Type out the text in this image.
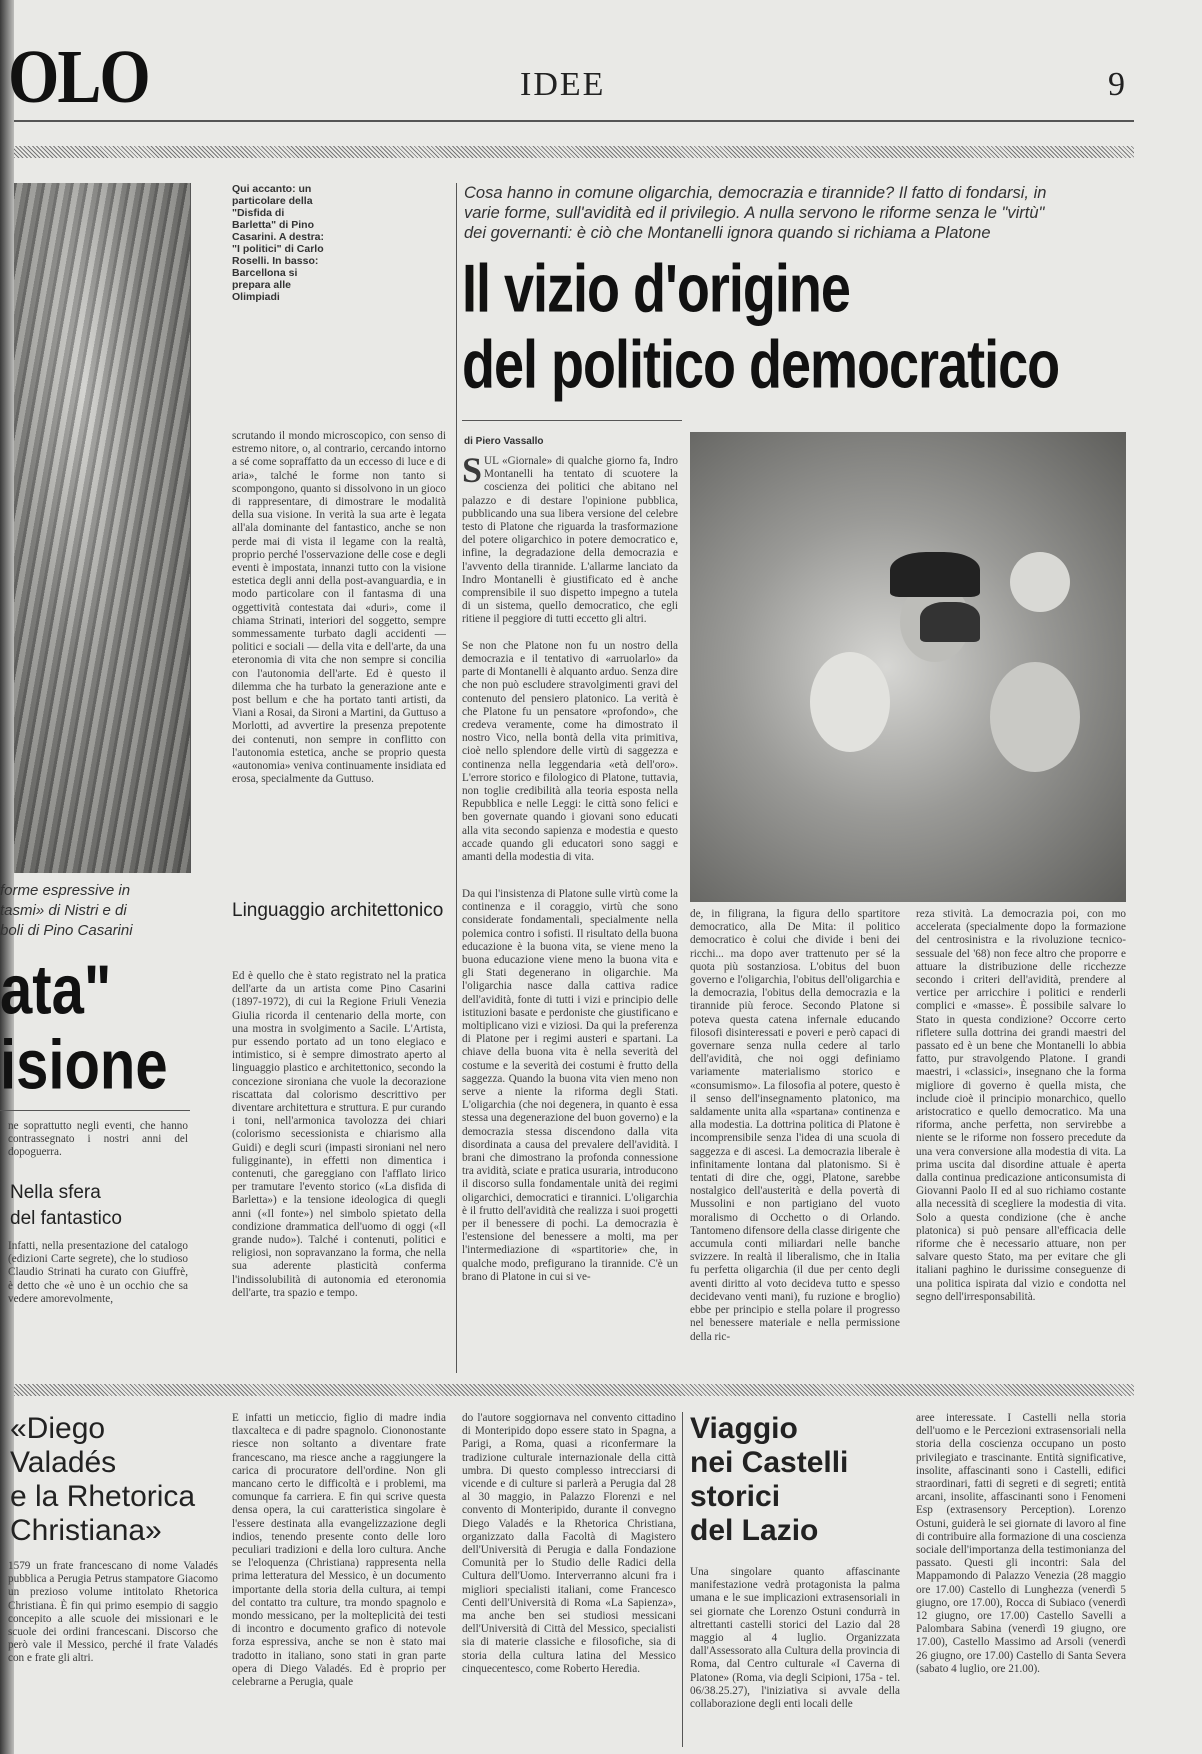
OLO	IDEE	9
Qui accanto: un particolare della "Disfida di Barletta" di Pino Casarini. A destra: "I politici" di Carlo Roselli. In basso: Barcellona si prepara alle Olimpiadi
Cosa hanno in comune oligarchia, democrazia e tirannide? Il fatto di fondarsi, in varie forme, sull'avidità ed il privilegio. A nulla servono le riforme senza le "virtù" dei governanti: è ciò che Montanelli ignora quando si richiama a Platone
Il vizio d'origine
del politico democratico
di Piero Vassallo
scrutando il mondo microscopico, con senso di estremo nitore, o, al contrario, cercando intorno a sé come sopraffatto da un eccesso di luce e di aria», talché le forme non tanto si scompongono, quanto si dissolvono in un gioco di rappresentare, di dimostrare le modalità della sua visione. In verità la sua arte è legata all'ala dominante del fantastico, anche se non perde mai di vista il legame con la realtà, proprio perché l'osservazione delle cose e degli eventi è impostata, innanzi tutto con la visione estetica degli anni della post-avanguardia, e in modo particolare con il fantasma di una oggettività contestata dai «duri», come il chiama Strinati, interiori del soggetto, sempre sommessamente turbato dagli accidenti — politici e sociali — della vita e dell'arte, da una eteronomia di vita che non sempre si concilia con l'autonomia dell'arte. Ed è questo il dilemma che ha turbato la generazione ante e post bellum e che ha portato tanti artisti, da Viani a Rosai, da Sironi a Martini, da Guttuso a Morlotti, ad avvertire la presenza prepotente dei contenuti, non sempre in conflitto con l'autonomia estetica, anche se proprio questa «autonomia» veniva continuamente insidiata ed erosa, specialmente da Guttuso.
Linguaggio architettonico
Ed è quello che è stato registrato nel la pratica dell'arte da un artista come Pino Casarini (1897-1972), di cui la Regione Friuli Venezia Giulia ricorda il centenario della morte, con una mostra in svolgimento a Sacile. L'Artista, pur essendo portato ad un tono elegiaco e intimistico, si è sempre dimostrato aperto al linguaggio plastico e architettonico, secondo la concezione sironiana che vuole la decorazione riscattata dal colorismo descrittivo per diventare architettura e struttura. E pur curando i toni, nell'armonica tavolozza dei chiari (colorismo secessionista e chiarismo alla Guidi) e degli scuri (impasti sironiani nel nero fuligginante), in effetti non dimentica i contenuti, che gareggiano con l'afflato lirico per tramutare l'evento storico («La disfida di Barletta») e la tensione ideologica di quegli anni («Il fonte») nel simbolo spietato della condizione drammatica dell'uomo di oggi («Il grande nudo»). Talché i contenuti, politici e religiosi, non sopravanzano la forma, che nella sua aderente plasticità conferma l'indissolubilità di autonomia ed eteronomia dell'arte, tra spazio e tempo.
SUL «Giornale» di qualche giorno fa, Indro Montanelli ha tentato di scuotere la coscienza dei politici che abitano nel palazzo e di destare l'opinione pubblica, pubblicando una sua libera versione del celebre testo di Platone che riguarda la trasformazione del potere oligarchico in potere democratico e, infine, la degradazione della democrazia e l'avvento della tirannide. L'allarme lanciato da Indro Montanelli è giustificato ed è anche comprensibile il suo dispetto impegno a tutela di un sistema, quello democratico, che egli ritiene il peggiore di tutti eccetto gli altri.

Se non che Platone non fu un nostro della democrazia e il tentativo di «arruolarlo» da parte di Montanelli è alquanto arduo. Senza dire che non può escludere stravolgimenti gravi del contenuto del pensiero platonico. La verità è che Platone fu un pensatore «profondo», che credeva veramente, come ha dimostrato il nostro Vico, nella bontà della vita primitiva, cioè nello splendore delle virtù di saggezza e continenza nella leggendaria «età dell'oro». L'errore storico e filologico di Platone, tuttavia, non toglie credibilità alla teoria esposta nella Repubblica e nelle Leggi: le città sono felici e ben governate quando i giovani sono educati alla vita secondo sapienza e modestia e questo accade quando gli educatori sono saggi e amanti della modestia di vita.
Da qui l'insistenza di Platone sulle virtù come la continenza e il coraggio, virtù che sono considerate fondamentali, specialmente nella polemica contro i sofisti. Il risultato della buona educazione è la buona vita, se viene meno la buona educazione viene meno la buona vita e gli Stati degenerano in oligarchie. Ma l'oligarchia nasce dalla cattiva radice dell'avidità, fonte di tutti i vizi e principio delle istituzioni basate e perdoniste che giustificano e moltiplicano vizi e viziosi. Da qui la preferenza di Platone per i regimi austeri e spartani. La chiave della buona vita è nella severità del costume e la severità dei costumi è frutto della saggezza. Quando la buona vita vien meno non serve a niente la riforma degli Stati. L'oligarchia (che noi degenera, in quanto è essa stessa una degenerazione del buon governo) e la democrazia stessa discendono dalla vita disordinata a causa del prevalere dell'avidità. I brani che dimostrano la profonda connessione tra avidità, sciate e pratica usuraria, introducono il discorso sulla fondamentale unità dei regimi oligarchici, democratici e tirannici. L'oligarchia è il frutto dell'avidità che realizza i suoi progetti per il benessere di pochi. La democrazia è l'estensione del benessere a molti, ma per l'intermediazione di «spartitorie» che, in qualche modo, prefigurano la tirannide. C'è un brano di Platone in cui si ve-
de, in filigrana, la figura dello spartitore democratico, alla De Mita: il politico democratico è colui che divide i beni dei ricchi... ma dopo aver trattenuto per sé la quota più sostanziosa. L'obitus del buon governo e l'oligarchia, l'obitus dell'oligarchia e la democrazia, l'obitus della democrazia e la tirannide più feroce. Secondo Platone si poteva questa catena infernale educando filosofi disinteressati e poveri e però capaci di governare senza nulla cedere al tarlo dell'avidità, che noi oggi definiamo variamente materialismo storico e «consumismo». La filosofia al potere, questo è il senso dell'insegnamento platonico, ma saldamente unita alla «spartana» continenza e alla modestia. La dottrina politica di Platone è incomprensibile senza l'idea di una scuola di saggezza e di ascesi. La democrazia liberale è infinitamente lontana dal platonismo. Si è tentati di dire che, oggi, Platone, sarebbe nostalgico dell'austerità e della povertà di Mussolini e non partigiano del vuoto moralismo di Occhetto o di Orlando. Tantomeno difensore della classe dirigente che accumula conti miliardari nelle banche svizzere. In realtà il liberalismo, che in Italia fu perfetta oligarchia (il due per cento degli aventi diritto al voto decideva tutto e spesso decidevano venti mani), fu ruzione e broglio) ebbe per principio e stella polare il progresso nel benessere materiale e nella permissione della ric-
reza stività. La democrazia poi, con mo accelerata (specialmente dopo la formazione del centrosinistra e la rivoluzione tecnico-sessuale del '68) non fece altro che proporre e attuare la distribuzione delle ricchezze secondo i criteri dell'avidità, prendere al vertice per arricchire i politici e renderli complici e «masse». È possibile salvare lo Stato in questa condizione? Occorre certo rifletere sulla dottrina dei grandi maestri del passato ed è un bene che Montanelli lo abbia fatto, pur stravolgendo Platone. I grandi maestri, i «classici», insegnano che la forma migliore di governo è quella mista, che include cioè il principio monarchico, quello aristocratico e quello democratico. Ma una riforma, anche perfetta, non servirebbe a niente se le riforme non fossero precedute da una vera conversione alla modestia di vita. La prima uscita dal disordine attuale è aperta dalla continua predicazione anticonsumista di Giovanni Paolo II ed al suo richiamo costante alla necessità di scegliere la modestia di vita. Solo a questa condizione (che è anche platonica) si può pensare all'efficacia delle riforme che è necessario attuare, non per salvare questo Stato, ma per evitare che gli italiani paghino le durissime conseguenze di una politica ispirata dal vizio e condotta nel segno dell'irresponsabilità.
forme espressive in
tasmi» di Nistri e di
boli di Pino Casarini
ata"
isione
ne soprattutto negli eventi, che hanno contrassegnato i nostri anni del dopoguerra.
Nella sfera
del fantastico
Infatti, nella presentazione del catalogo (edizioni Carte segrete), che lo studioso Claudio Strinati ha curato con Giuffrè, è detto che «è uno è un occhio che sa vedere amorevolmente,
«Diego
Valadés
e la Rhetorica
Christiana»
1579 un frate francescano di nome Valadés pubblica a Perugia Petrus stampatore Giacomo un prezioso volume intitolato Rhetorica Christiana. È fin qui primo esempio di saggio concepito a alle scuole dei missionari e le scuole dei ordini francescani. Discorso che però vale il Messico, perché il frate Valadés con e frate gli altri.
E infatti un meticcio, figlio di madre india tlaxcalteca e di padre spagnolo. Ciononostante riesce non soltanto a diventare frate francescano, ma riesce anche a raggiungere la carica di procuratore dell'ordine. Non gli mancano certo le difficoltà e i problemi, ma comunque fa carriera. E fin qui scrive questa densa opera, la cui caratteristica singolare è l'essere destinata alla evangelizzazione degli indios, tenendo presente conto delle loro peculiari tradizioni e della loro cultura. Anche se l'eloquenza (Christiana) rappresenta nella prima letteratura del Messico, è un documento importante della storia della cultura, ai tempi del contatto tra culture, tra mondo spagnolo e mondo messicano, per la molteplicità dei testi di incontro e documento grafico di notevole forza espressiva, anche se non è stato mai tradotto in italiano, sono stati in gran parte opera di Diego Valadés. Ed è proprio per celebrarne a Perugia, quale
do l'autore soggiornava nel convento cittadino di Monteripido dopo essere stato in Spagna, a Parigi, a Roma, quasi a riconfermare la tradizione culturale internazionale della città umbra. Di questo complesso intrecciarsi di vicende e di culture si parlerà a Perugia dal 28 al 30 maggio, in Palazzo Florenzi e nel convento di Monteripido, durante il convegno Diego Valadés e la Rhetorica Christiana, organizzato dalla Facoltà di Magistero dell'Università di Perugia e dalla Fondazione Comunità per lo Studio delle Radici della Cultura dell'Uomo. Interverranno alcuni fra i migliori specialisti italiani, come Francesco Centi dell'Università di Roma «La Sapienza», ma anche ben sei studiosi messicani dell'Università di Città del Messico, specialisti sia di materie classiche e filosofiche, sia di storia della cultura latina del Messico cinquecentesco, come Roberto Heredia.
Viaggio
nei Castelli
storici
del Lazio
Una singolare quanto affascinante manifestazione vedrà protagonista la palma umana e le sue implicazioni extrasensoriali in sei giornate che Lorenzo Ostuni condurrà in altrettanti castelli storici del Lazio dal 28 maggio al 4 luglio. Organizzata dall'Assessorato alla Cultura della provincia di Roma, dal Centro culturale «I Caverna di Platone» (Roma, via degli Scipioni, 175a - tel. 06/38.25.27), l'iniziativa si avvale della collaborazione degli enti locali delle
aree interessate. I Castelli nella storia dell'uomo e le Percezioni extrasensoriali nella storia della coscienza occupano un posto privilegiato e trascinante. Entità significative, insolite, affascinanti sono i Castelli, edifici straordinari, fatti di segreti e di segreti; entità arcani, insolite, affascinanti sono i Fenomeni Esp (extrasensory Perception). Lorenzo Ostuni, guiderà le sei giornate di lavoro al fine di contribuire alla formazione di una coscienza sociale dell'importanza della testimonianza del passato. Questi gli incontri: Sala del Mappamondo di Palazzo Venezia (28 maggio ore 17.00) Castello di Lunghezza (venerdì 5 giugno, ore 17.00), Rocca di Subiaco (venerdì 12 giugno, ore 17.00) Castello Savelli a Palombara Sabina (venerdì 19 giugno, ore 17.00), Castello Massimo ad Arsoli (venerdì 26 giugno, ore 17.00) Castello di Santa Severa (sabato 4 luglio, ore 21.00).
